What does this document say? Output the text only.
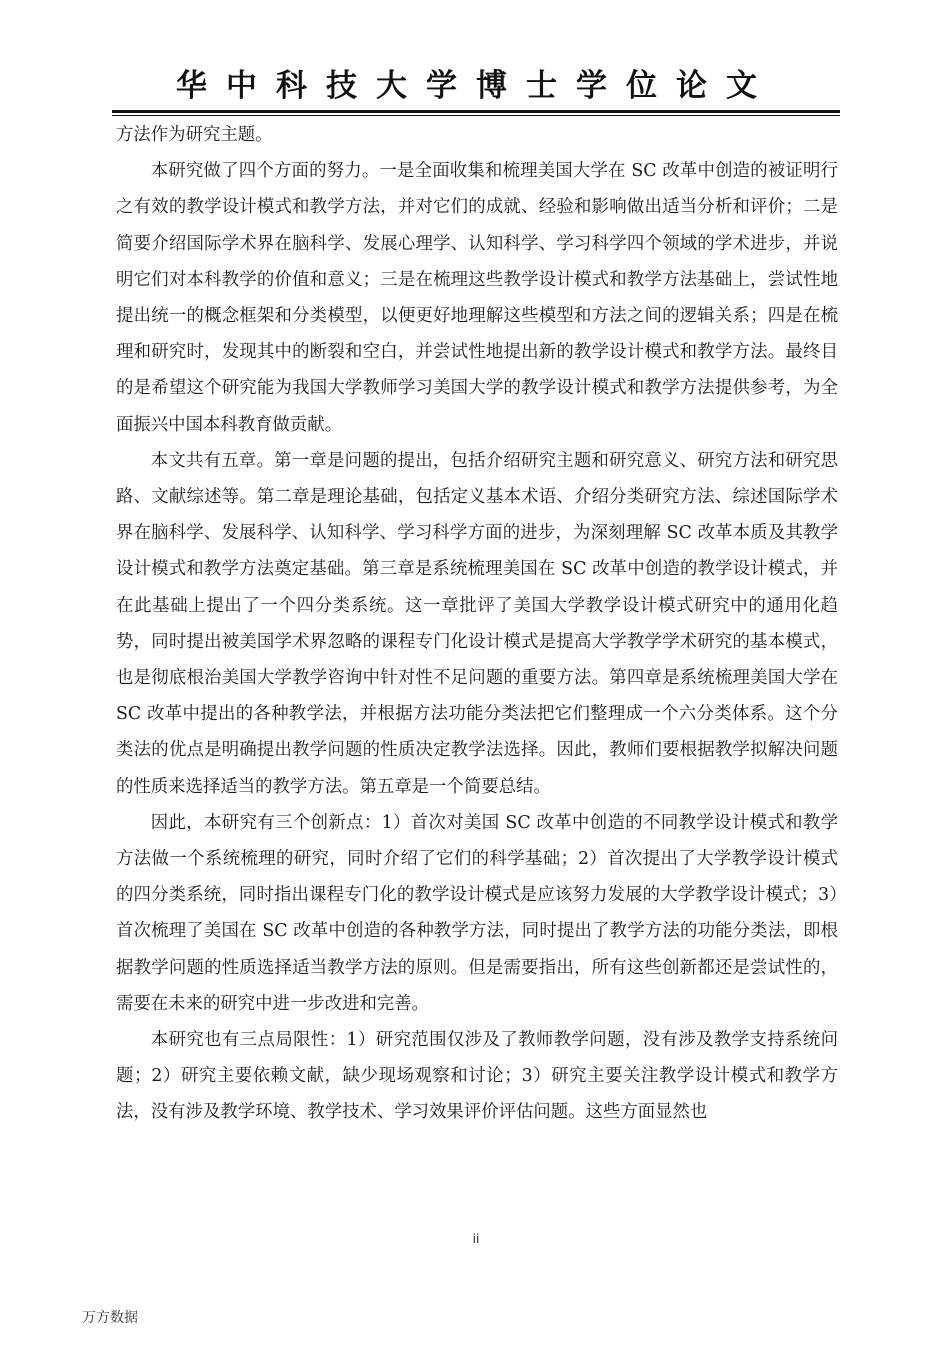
华中科技大学博士学位论文

方法作为研究主题。

本研究做了四个方面的努力。一是全面收集和梳理美国大学在 SC 改革中创造的被证明行之有效的教学设计模式和教学方法，并对它们的成就、经验和影响做出适当分析和评价；二是简要介绍国际学术界在脑科学、发展心理学、认知科学、学习科学四个领域的学术进步，并说明它们对本科教学的价值和意义；三是在梳理这些教学设计模式和教学方法基础上，尝试性地提出统一的概念框架和分类模型，以便更好地理解这些模型和方法之间的逻辑关系；四是在梳理和研究时，发现其中的断裂和空白，并尝试性地提出新的教学设计模式和教学方法。最终目的是希望这个研究能为我国大学教师学习美国大学的教学设计模式和教学方法提供参考，为全面振兴中国本科教育做贡献。

本文共有五章。第一章是问题的提出，包括介绍研究主题和研究意义、研究方法和研究思路、文献综述等。第二章是理论基础，包括定义基本术语、介绍分类研究方法、综述国际学术界在脑科学、发展科学、认知科学、学习科学方面的进步，为深刻理解 SC 改革本质及其教学设计模式和教学方法奠定基础。第三章是系统梳理美国在 SC 改革中创造的教学设计模式，并在此基础上提出了一个四分类系统。这一章批评了美国大学教学设计模式研究中的通用化趋势，同时提出被美国学术界忽略的课程专门化设计模式是提高大学教学学术研究的基本模式，也是彻底根治美国大学教学咨询中针对性不足问题的重要方法。第四章是系统梳理美国大学在 SC 改革中提出的各种教学法，并根据方法功能分类法把它们整理成一个六分类体系。这个分类法的优点是明确提出教学问题的性质决定教学法选择。因此，教师们要根据教学拟解决问题的性质来选择适当的教学方法。第五章是一个简要总结。

因此，本研究有三个创新点：1）首次对美国 SC 改革中创造的不同教学设计模式和教学方法做一个系统梳理的研究，同时介绍了它们的科学基础；2）首次提出了大学教学设计模式的四分类系统，同时指出课程专门化的教学设计模式是应该努力发展的大学教学设计模式；3）首次梳理了美国在 SC 改革中创造的各种教学方法，同时提出了教学方法的功能分类法，即根据教学问题的性质选择适当教学方法的原则。但是需要指出，所有这些创新都还是尝试性的，需要在未来的研究中进一步改进和完善。

本研究也有三点局限性：1）研究范围仅涉及了教师教学问题，没有涉及教学支持系统问题；2）研究主要依赖文献，缺少现场观察和讨论；3）研究主要关注教学设计模式和教学方法，没有涉及教学环境、教学技术、学习效果评价评估问题。这些方面显然也

ii
万方数据
